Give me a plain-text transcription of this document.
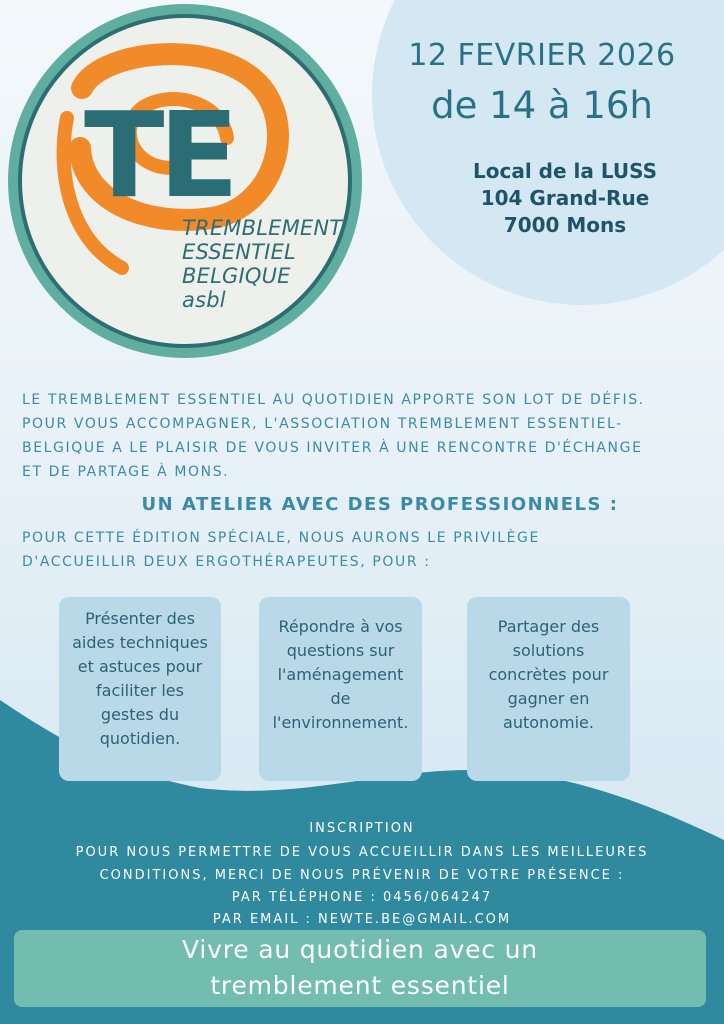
TE
TREMBLEMENT
ESSENTIEL
BELGIQUE
asbl
12 FEVRIER 2026
de 14 à 16h
Local de la LUSS
104 Grand-Rue
7000 Mons
LE TREMBLEMENT ESSENTIEL AU QUOTIDIEN APPORTE SON LOT DE DÉFIS.
POUR VOUS ACCOMPAGNER, L'ASSOCIATION TREMBLEMENT ESSENTIEL-
BELGIQUE A LE PLAISIR DE VOUS INVITER À UNE RENCONTRE D'ÉCHANGE
ET DE PARTAGE À MONS.
UN ATELIER AVEC DES PROFESSIONNELS :
POUR CETTE ÉDITION SPÉCIALE, NOUS AURONS LE PRIVILÈGE
D'ACCUEILLIR DEUX ERGOTHÉRAPEUTES, POUR :
Présenter des
aides techniques
et astuces pour
faciliter les
gestes du
quotidien.
Répondre à vos
questions sur
l'aménagement
de
l'environnement.
Partager des
solutions
concrètes pour
gagner en
autonomie.
INSCRIPTION
POUR NOUS PERMETTRE DE VOUS ACCUEILLIR DANS LES MEILLEURES
CONDITIONS, MERCI DE NOUS PRÉVENIR DE VOTRE PRÉSENCE :
PAR TÉLÉPHONE : 0456/064247
PAR EMAIL : NEWTE.BE@GMAIL.COM
Vivre au quotidien avec un
tremblement essentiel
